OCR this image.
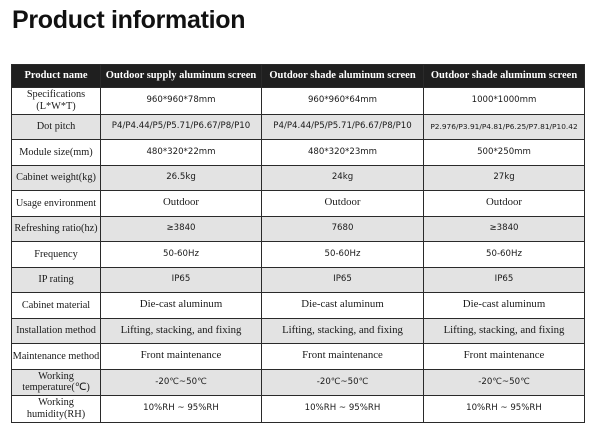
Product information
Product name	Outdoor supply aluminum screen	Outdoor shade aluminum screen	Outdoor shade aluminum screen
Specifications (L*W*T)	960*960*78mm	960*960*64mm	1000*1000mm
Dot pitch	P4/P4.44/P5/P5.71/P6.67/P8/P10	P4/P4.44/P5/P5.71/P6.67/P8/P10	P2.976/P3.91/P4.81/P6.25/P7.81/P10.42
Module size(mm)	480*320*22mm	480*320*23mm	500*250mm
Cabinet weight(kg)	26.5kg	24kg	27kg
Usage environment	Outdoor	Outdoor	Outdoor
Refreshing ratio(hz)	≥3840	7680	≥3840
Frequency	50-60Hz	50-60Hz	50-60Hz
IP rating	IP65	IP65	IP65
Cabinet material	Die-cast aluminum	Die-cast aluminum	Die-cast aluminum
Installation method	Lifting, stacking, and fixing	Lifting, stacking, and fixing	Lifting, stacking, and fixing
Maintenance method	Front maintenance	Front maintenance	Front maintenance
Working temperature(℃)	-20℃~50℃	-20℃~50℃	-20℃~50℃
Working humidity(RH)	10%RH ~ 95%RH	10%RH ~ 95%RH	10%RH ~ 95%RH
